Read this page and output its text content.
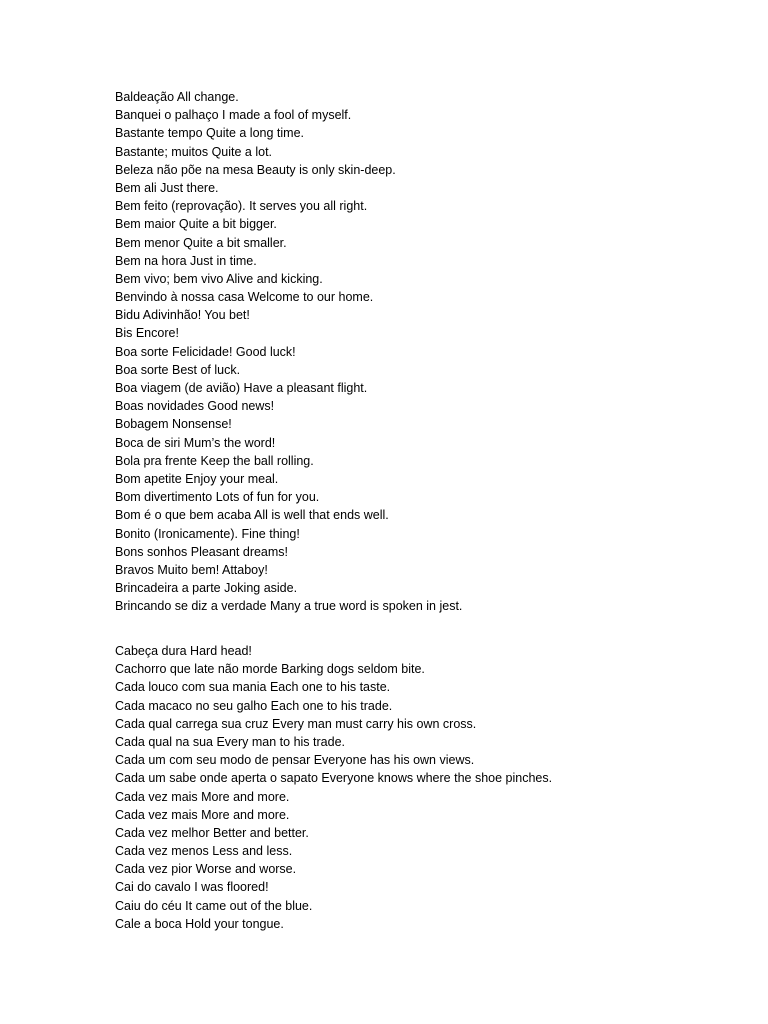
Baldeação All change.

Banquei o palhaço I made a fool of myself.

Bastante tempo Quite a long time.

Bastante; muitos Quite a lot.

Beleza não põe na mesa Beauty is only skin-deep.

Bem ali Just there.

Bem feito (reprovação). It serves you all right.

Bem maior Quite a bit bigger.

Bem menor Quite a bit smaller.

Bem na hora Just in time.

Bem vivo; bem vivo Alive and kicking.

Benvindo à nossa casa Welcome to our home.

Bidu Adivinhão! You bet!

Bis Encore!

Boa sorte Felicidade! Good luck!

Boa sorte Best of luck.

Boa viagem (de avião) Have a pleasant flight.

Boas novidades Good news!

Bobagem Nonsense!

Boca de siri Mum’s the word!

Bola pra frente Keep the ball rolling.

Bom apetite Enjoy your meal.

Bom divertimento Lots of fun for you.

Bom é o que bem acaba All is well that ends well.

Bonito (Ironicamente). Fine thing!

Bons sonhos Pleasant dreams!

Bravos Muito bem! Attaboy!

Brincadeira a parte Joking aside.

Brincando se diz a verdade Many a true word is spoken in jest.

Cabeça dura Hard head!

Cachorro que late não morde Barking dogs seldom bite.

Cada louco com sua mania Each one to his taste.

Cada macaco no seu galho Each one to his trade.

Cada qual carrega sua cruz Every man must carry his own cross.

Cada qual na sua Every man to his trade.

Cada um com seu modo de pensar Everyone has his own views.

Cada um sabe onde aperta o sapato Everyone knows where the shoe pinches.

Cada vez mais More and more.

Cada vez mais More and more.

Cada vez melhor Better and better.

Cada vez menos Less and less.

Cada vez pior Worse and worse.

Cai do cavalo I was floored!

Caiu do céu It came out of the blue.

Cale a boca Hold your tongue.
